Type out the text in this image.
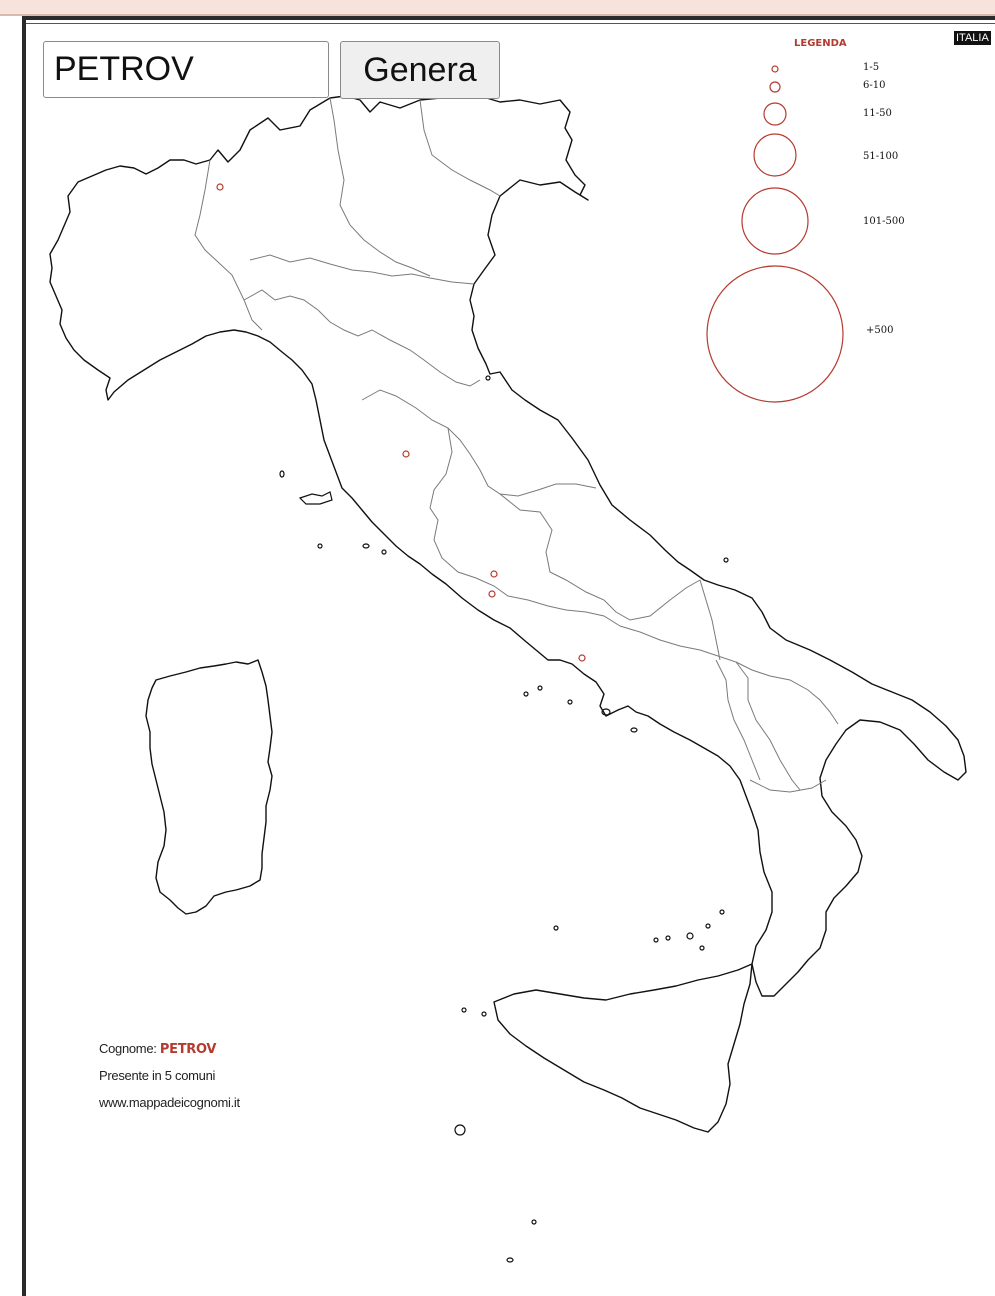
PETROV
Genera
ITALIA
LEGENDA
1-5
6-10
11-50
51-100
101-500
+500
Cognome: PETROV
Presente in 5 comuni
www.mappadeicognomi.it
